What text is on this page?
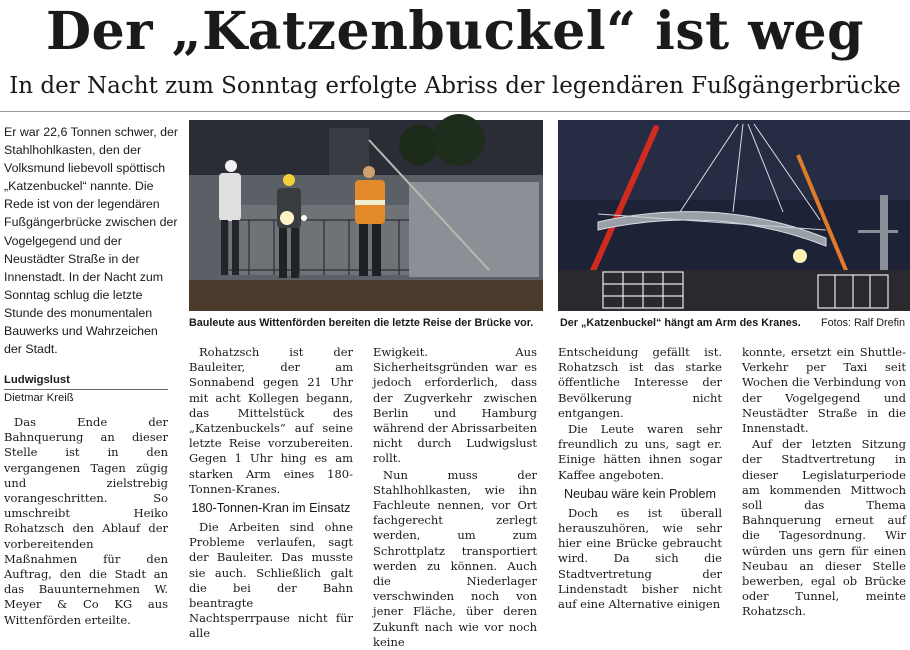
Der „Katzenbuckel“ ist weg
In der Nacht zum Sonntag erfolgte Abriss der legendären Fußgängerbrücke

Er war 22,6 Tonnen schwer, der Stahlhohlkasten, den der Volksmund liebevoll spöttisch „Katzenbuckel“ nannte. Die Rede ist von der legendären Fußgängerbrücke zwischen der Vogelgegend und der Neustädter Straße in der Innenstadt. In der Nacht zum Sonntag schlug die letzte Stunde des monumentalen Bauwerks und Wahrzeichen der Stadt.

Bauleute aus Wittenförden bereiten die letzte Reise der Brücke vor. Der „Katzenbuckel“ hängt am Arm des Kranes. Fotos: Ralf Drefin
Ludwigslust
Dietmar Kreiß

Das Ende der Bahnquerung an dieser Stelle ist in den vergangenen Tagen zügig und zielstrebig vorangeschritten. So umschreibt Heiko Rohatzsch den Ablauf der vorbereitenden Maßnahmen für den Auftrag, den die Stadt an das Bauunternehmen W. Meyer & Co KG aus Wittenförden erteilte.

Rohatzsch ist der Bauleiter, der am Sonnabend gegen 21 Uhr mit acht Kollegen begann, das Mittelstück des „Katzenbuckels“ auf seine letzte Reise vorzubereiten. Gegen 1 Uhr hing es am starken Arm eines 180-Tonnen-Kranes.

180-Tonnen-Kran im Einsatz

Die Arbeiten sind ohne Probleme verlaufen, sagt der Bauleiter. Das musste sie auch. Schließlich galt die bei der Bahn beantragte Nachtsperrpause nicht für alle

Ewigkeit. Aus Sicherheitsgründen war es jedoch erforderlich, dass der Zugverkehr zwischen Berlin und Hamburg während der Abrissarbeiten nicht durch Ludwigslust rollt.

Nun muss der Stahlhohlkasten, wie ihn Fachleute nennen, vor Ort fachgerecht zerlegt werden, um zum Schrottplatz transportiert werden zu können. Auch die Niederlager verschwinden noch von jener Fläche, über deren Zukunft nach wie vor noch keine

Entscheidung gefällt ist. Rohatzsch ist das starke öffentliche Interesse der Bevölkerung nicht entgangen.

Die Leute waren sehr freundlich zu uns, sagt er. Einige hätten ihnen sogar Kaffee angeboten.

Neubau wäre kein Problem

Doch es ist überall herauszuhören, wie sehr hier eine Brücke gebraucht wird. Da sich die Stadtvertretung der Lindenstadt bisher nicht auf eine Alternative einigen

konnte, ersetzt ein Shuttle-Verkehr per Taxi seit Wochen die Verbindung von der Vogelgegend und Neustädter Straße in die Innenstadt.

Auf der letzten Sitzung der Stadtvertretung in dieser Legislaturperiode am kommenden Mittwoch soll das Thema Bahnquerung erneut auf die Tagesordnung. Wir würden uns gern für einen Neubau an dieser Stelle bewerben, egal ob Brücke oder Tunnel, meinte Rohatzsch.
